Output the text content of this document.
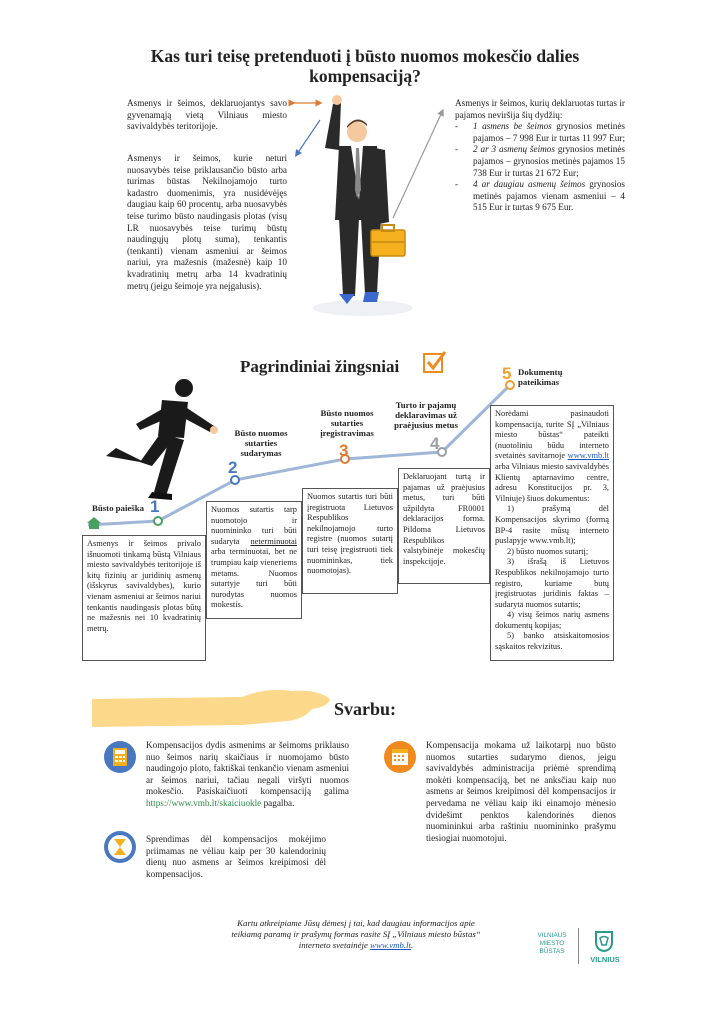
Kas turi teisę pretenduoti į būsto nuomos mokesčio dalies kompensaciją?
Asmenys ir šeimos, deklaruojantys savo gyvenamąją vietą Vilniaus miesto savivaldybės teritorijoje.
Asmenys ir šeimos, kurie neturi nuosavybės teise priklausančio būsto arba turimas būstas Nekilnojamojo turto kadastro duomenimis, yra nusidėvėjęs daugiau kaip 60 procentų, arba nuosavybės teise turimo būsto naudingasis plotas (visų LR nuosavybės teise turimų būstų naudingųjų plotų suma), tenkantis (tenkanti) vienam asmeniui ar šeimos nariui, yra mažesnis (mažesnė) kaip 10 kvadratinių metrų arba 14 kvadratinių metrų (jeigu šeimoje yra neįgalusis).
Asmenys ir šeimos, kurių deklaruotas turtas ir pajamos neviršija šių dydžių:
- 1 asmens be šeimos grynosios metinės pajamos – 7 998 Eur ir turtas 11 997 Eur;
- 2 ar 3 asmenų šeimos grynosios metinės pajamos – grynosios metinės pajamos 15 738 Eur ir turtas 21 672 Eur;
- 4 ar daugiau asmenų šeimos grynosios metinės pajamos vienam asmeniui – 4 515 Eur ir turtas 9 675 Eur.
Pagrindiniai žingsniai
1
2
3	4
5
Būsto paieška
Būsto nuomos sutarties sudarymas
Būsto nuomos sutarties įregistravimas
Turto ir pajamų deklaravimas už praėjusius metus
Dokumentų pateikimas
Asmenys ir šeimos privalo išnuomoti tinkamą būstą Vilniaus miesto savivaldybės teritorijoje iš kitų fizinių ar juridinių asmenų (išskyrus savivaldybes), kurio vienam asmeniui ar šeimos nariui tenkantis naudingasis plotas būtų ne mažesnis nei 10 kvadratinių metrų.
Nuomos sutartis tarp nuomotojo ir nuomininko turi būti sudaryta neterminuotai arba terminuotai, bet ne trumpiau kaip vieneriems metams. Nuomos sutartyje turi būti nurodytas nuomos mokestis.
Nuomos sutartis turi būti įregistruota Lietuvos Respublikos nekilnojamojo turto registre (nuomos sutartį turi teisę įregistruoti tiek nuomininkas, tiek nuomotojas).
Deklaruojant turtą ir pajamas už praėjusius metus, turi būti užpildyta FR0001 deklaracijos forma. Pildoma Lietuvos Respublikos valstybinėje mokesčių inspekcijoje.
Norėdami pasinaudoti kompensacija, turite SĮ „Vilniaus miesto būstas“ pateikti (nuotoliniu būdu interneto svetainės savitarnoje www.vmb.lt arba Vilniaus miesto savivaldybės Klientų aptarnavimo centre, adresu Konstitucijos pr. 3, Vilniuje) šiuos dokumentus:
1) prašymą dėl Kompensacijos skyrimo (formą BP-4 rasite mūsų interneto puslapyje www.vmb.lt);
2) būsto nuomos sutartį;
3) išrašą iš Lietuvos Respublikos nekilnojamojo turto registro, kuriame butų įregistruotas juridinis faktas – sudaryta nuomos sutartis;
4) visų šeimos narių asmens dokumentų kopijas;
5) banko atsiskaitomosios sąskaitos rekvizitus.
Svarbu:
Kompensacijos dydis asmenims ar šeimoms priklauso nuo šeimos narių skaičiaus ir nuomojamo būsto naudingojo ploto, faktiškai tenkančio vienam asmeniui ar šeimos nariui, tačiau negali viršyti nuomos mokesčio. Pasiskaičiuoti kompensaciją galima https://www.vmb.lt/skaiciuokle pagalba.
Sprendimas dėl kompensacijos mokėjimo priimamas ne vėliau kaip per 30 kalendorinių dienų nuo asmens ar šeimos kreipimosi dėl kompensacijos.
Kompensacija mokama už laikotarpį nuo būsto nuomos sutarties sudarymo dienos, jeigu savivaldybės administracija priėmė sprendimą mokėti kompensaciją, bet ne anksčiau kaip nuo asmens ar šeimos kreipimosi dėl kompensacijos ir pervedama ne vėliau kaip iki einamojo mėnesio dvidešimt penktos kalendorinės dienos nuomininkui arba raštiniu nuomininko prašymu tiesiogiai nuomotojui.
Kartu atkreipiame Jūsų dėmesį į tai, kad daugiau informacijos apie teikiamą paramą ir prašymų formas rasite SĮ „Vilniaus miesto būstas“ interneto svetainėje www.vmb.lt.
VILNIAUS
MIESTO
BŪSTAS
VILNIUS
